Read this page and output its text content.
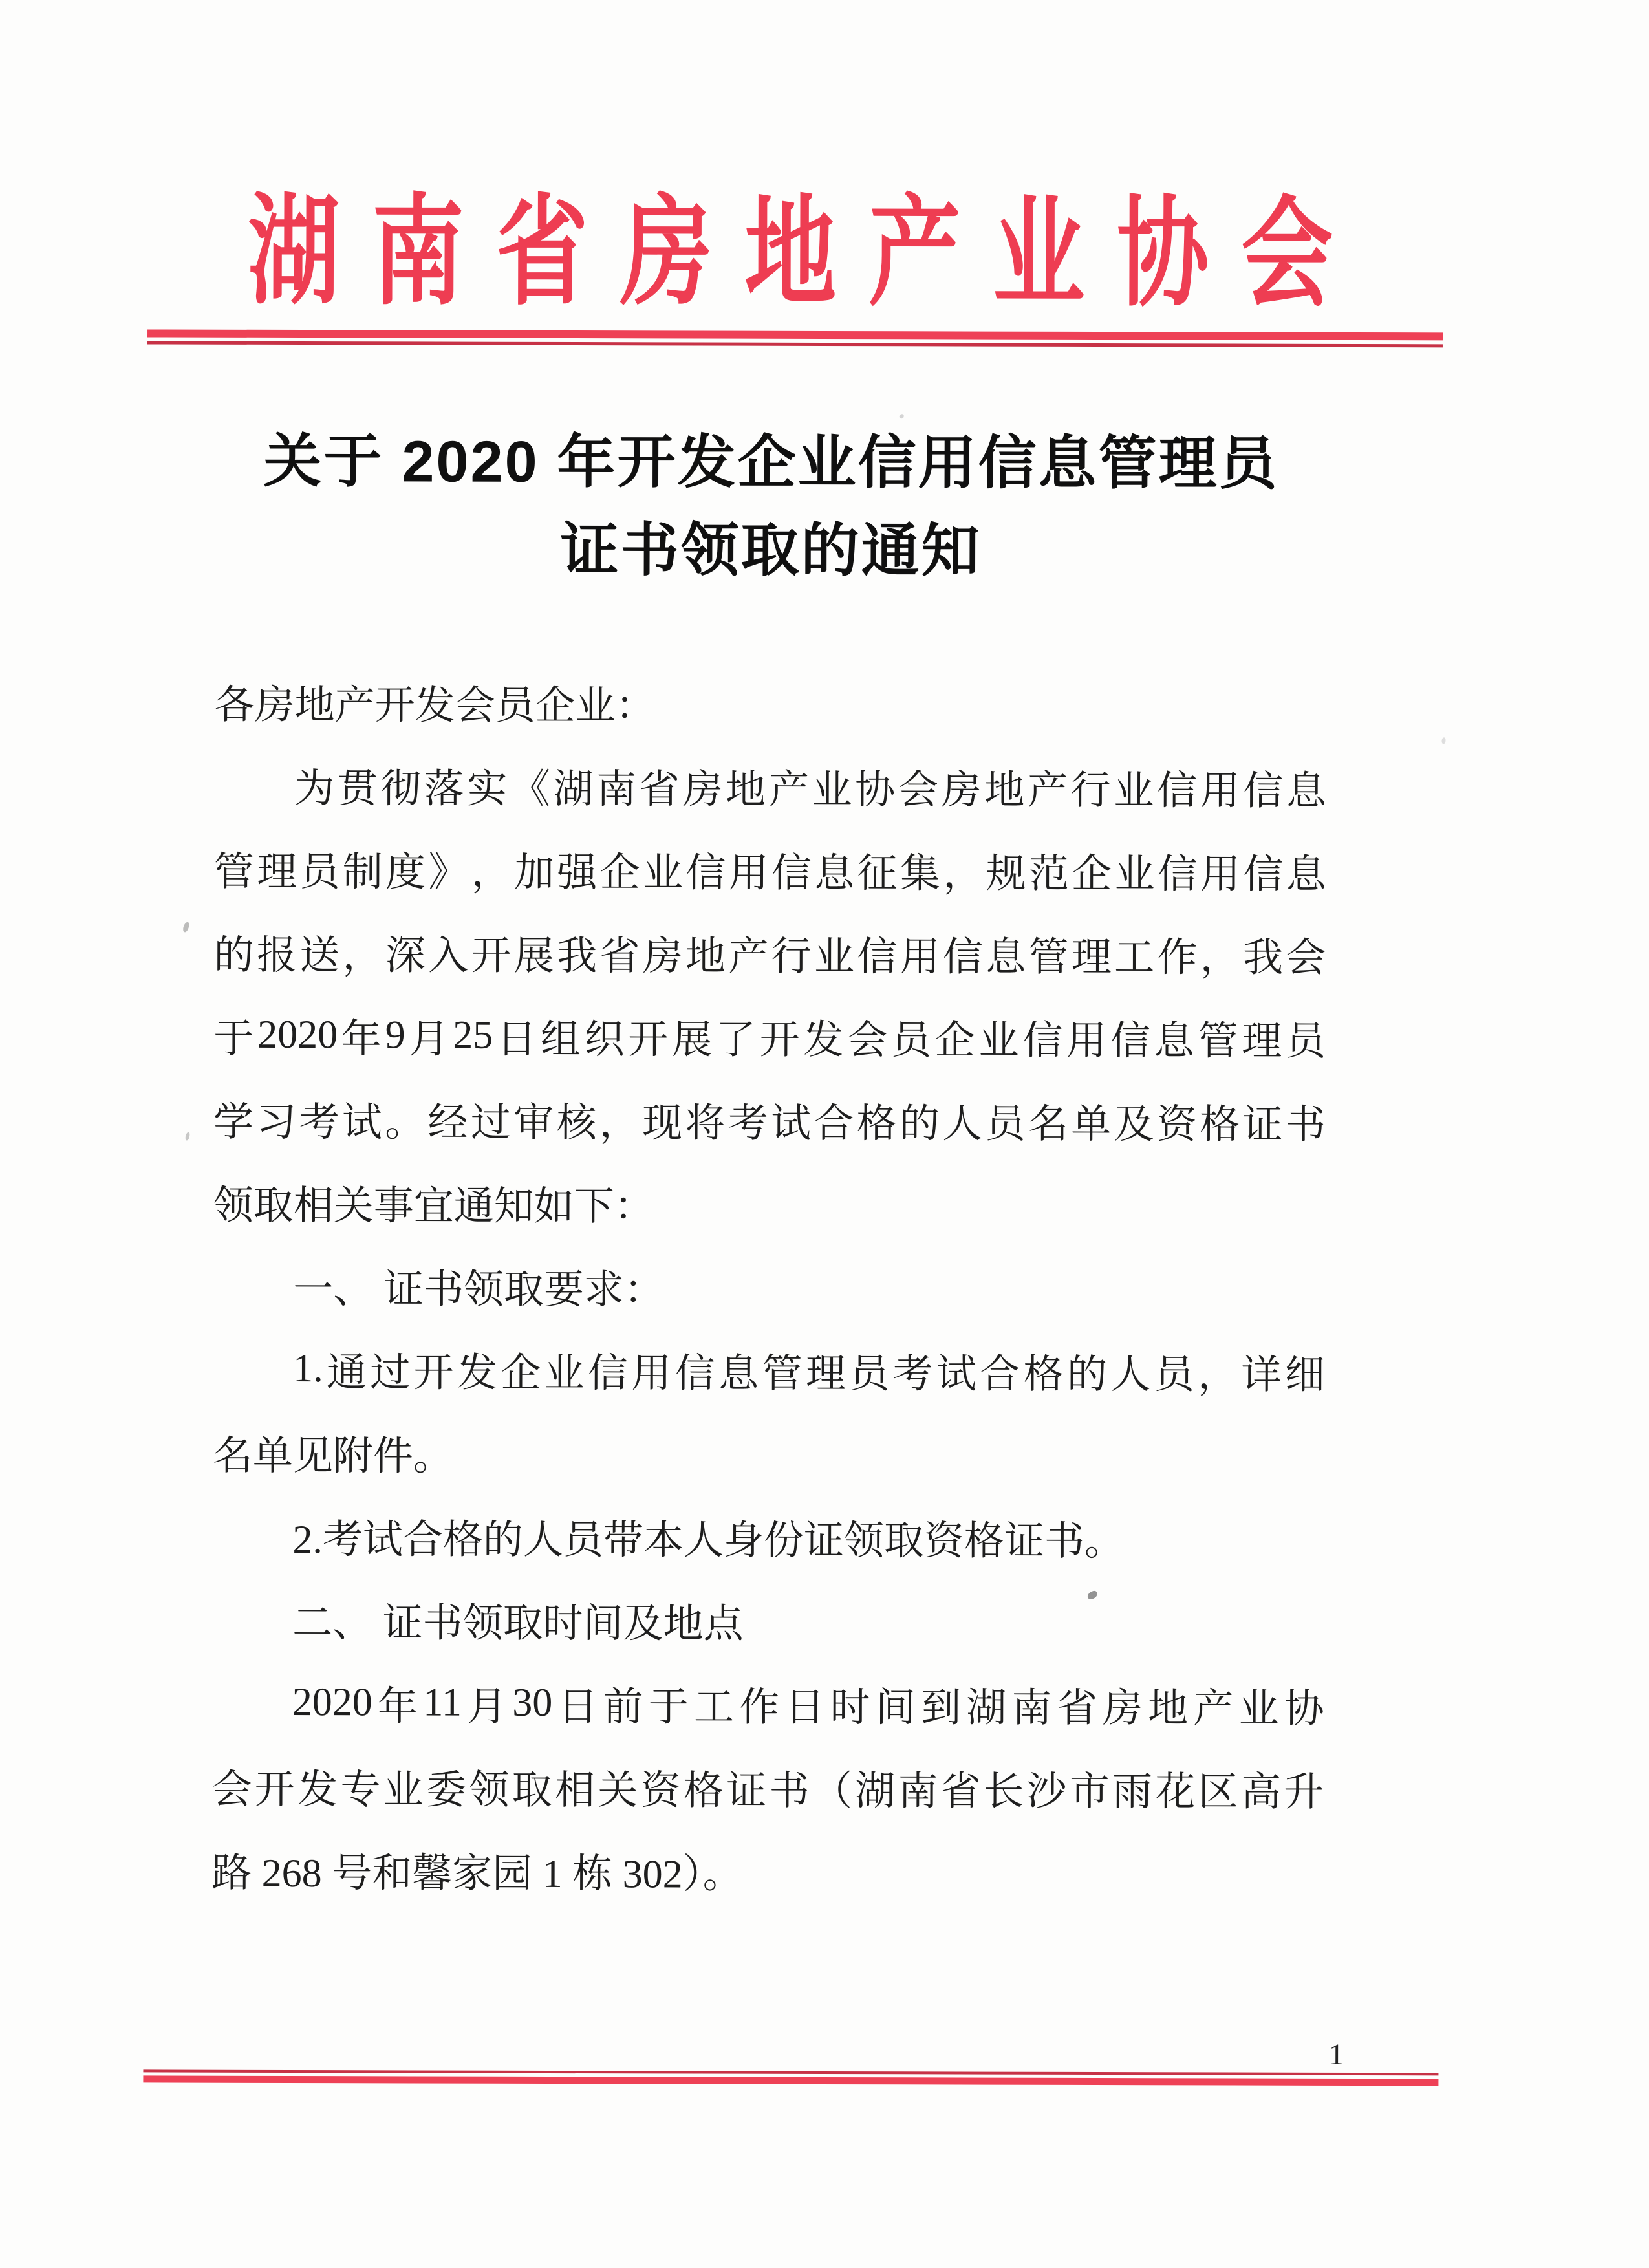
湖南省房地产业协会
关于 2020 年开发企业信用信息管理员
证书领取的通知
各房地产开发会员企业：
为 贯 彻 落 实 《 湖 南 省 房 地 产 业 协 会 房 地 产 行 业 信 用 信 息
管 理 员 制 度 》 ， 加 强 企 业 信 用 信 息 征 集 ， 规 范 企 业 信 用 信 息
的 报 送 ， 深 入 开 展 我 省 房 地 产 行 业 信 用 信 息 管 理 工 作 ， 我 会
于 2020 年 9 月 25 日 组 织 开 展 了 开 发 会 员 企 业 信 用 信 息 管 理 员
学 习 考 试 。 经 过 审 核 ， 现 将 考 试 合 格 的 人 员 名 单 及 资 格 证 书
领取相关事宜通知如下：
一、 证书领取要求：
1. 通 过 开 发 企 业 信 用 信 息 管 理 员 考 试 合 格 的 人 员 ， 详 细
名单见附件。
2.考试合格的人员带本人身份证领取资格证书。
二、 证书领取时间及地点
2020 年 11 月 30 日 前 于 工 作 日 时 间 到 湖 南 省 房 地 产 业 协
会 开 发 专 业 委 领 取 相 关 资 格 证 书 （ 湖 南 省 长 沙 市 雨 花 区 高 升
路 268 号和馨家园 1 栋 302）。
1
